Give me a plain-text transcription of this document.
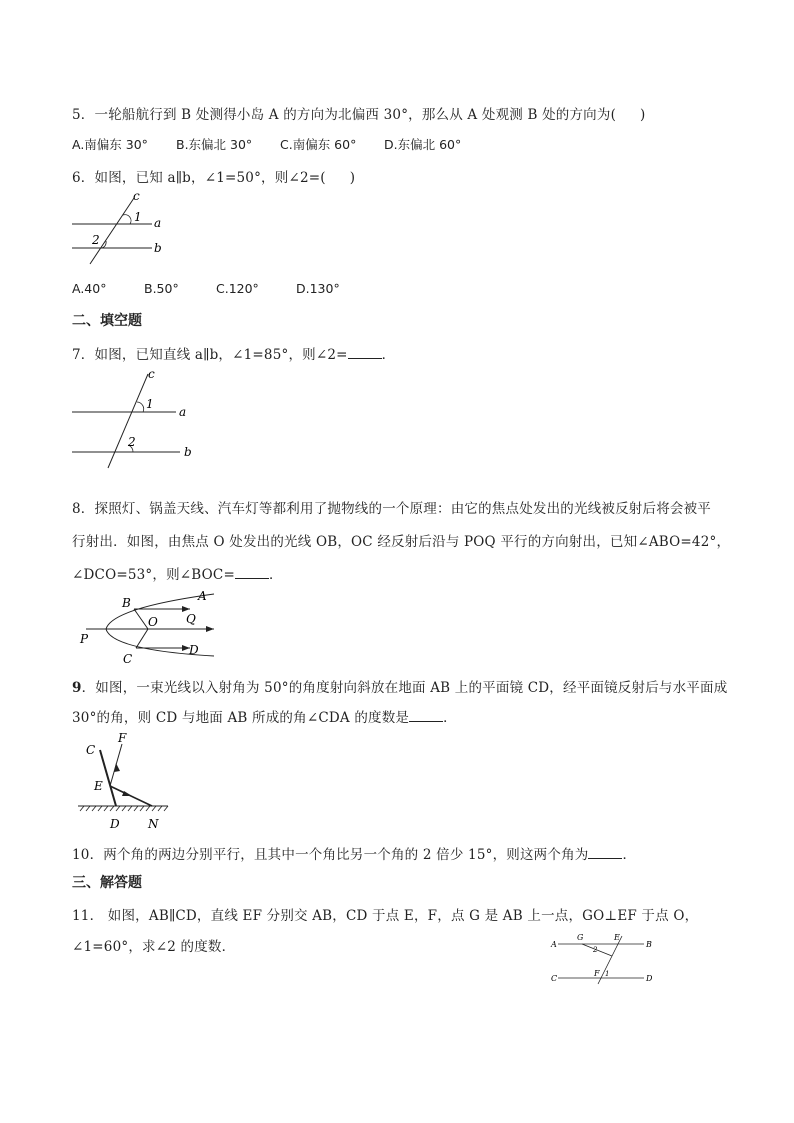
5．一轮船航行到 B 处测得小岛 A 的方向为北偏西 30°，那么从 A 处观测 B 处的方向为( )
A.南偏东 30° B.东偏北 30° C.南偏东 60° D.东偏北 60°
6．如图，已知 a∥b，∠1=50°，则∠2=( )
c
1 a
2
b
A.40°	B.50°	C.120°	D.130°
二、填空题
7．如图，已知直线 a∥b，∠1=85°，则∠2=	．
c
1
a
2
b
8．探照灯、锅盖天线、汽车灯等都利用了抛物线的一个原理：由它的焦点处发出的光线被反射后将会被平
行射出．如图，由焦点 O 处发出的光线 OB，OC 经反射后沿与 POQ 平行的方向射出，已知∠ABO=42°，
∠DCO=53°，则∠BOC=	．
A
B
O Q
P
C
D
9．如图，一束光线以入射角为 50°的角度射向斜放在地面 AB 上的平面镜 CD，经平面镜反射后与水平面成
30°的角，则 CD 与地面 AB 所成的角∠CDA 的度数是	．
C
F
E
D N
10．两个角的两边分别平行，且其中一个角比另一个角的 2 倍少 15°，则这两个角为	．
三、解答题
11． 如图，AB∥CD，直线 EF 分别交 AB，CD 于点 E，F，点 G 是 AB 上一点，GO⊥EF 于点 O，
∠1=60°，求∠2 的度数．	A
G	E
B
2
F 1
C	D
